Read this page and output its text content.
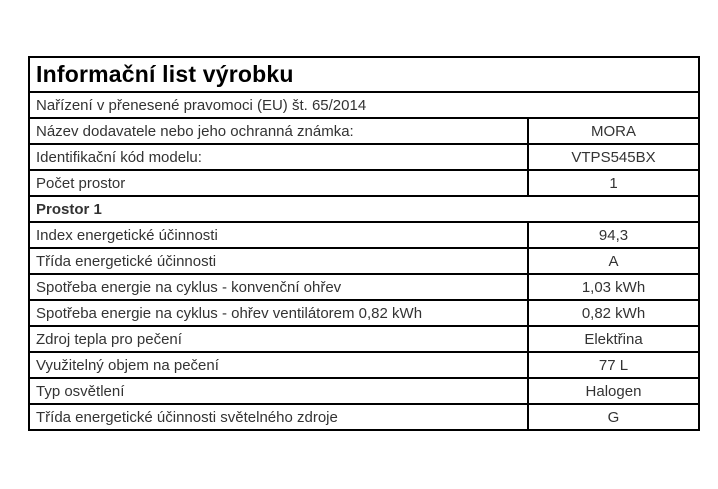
Informační list výrobku	
Nařízení v přenesené pravomoci (EU) št. 65/2014	
Název dodavatele nebo jeho ochranná známka:	MORA
Identifikační kód modelu:	VTPS545BX
Počet prostor	1
Prostor 1	
Index energetické účinnosti	94,3
Třída energetické účinnosti	A
Spotřeba energie na cyklus - konvenční ohřev	1,03 kWh
Spotřeba energie na cyklus - ohřev ventilátorem 0,82 kWh	0,82 kWh
Zdroj tepla pro pečení	Elektřina
Využitelný objem na pečení	77 L
Typ osvětlení	Halogen
Třída energetické účinnosti světelného zdroje	G
